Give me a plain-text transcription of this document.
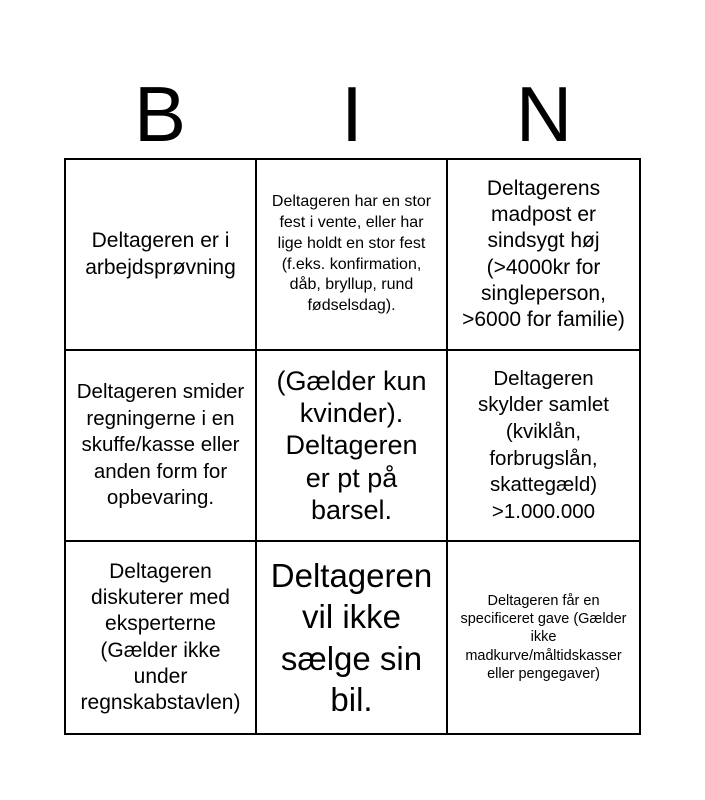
B	I	N
Deltageren er i arbejdsprøvning
Deltageren har en stor fest i vente, eller har lige holdt en stor fest (f.eks. konfirmation, dåb, bryllup, rund fødselsdag).
Deltagerens madpost er sindsygt høj (>4000kr for singleperson, >6000 for familie)
Deltageren smider regningerne i en skuffe/kasse eller anden form for opbevaring.
(Gælder kun kvinder). Deltageren er pt på barsel.
Deltageren skylder samlet (kviklån, forbrugslån, skattegæld) >1.000.000
Deltageren diskuterer med eksperterne (Gælder ikke under regnskabstavlen)
Deltageren vil ikke sælge sin bil.
Deltageren får en specificeret gave (Gælder ikke madkurve/måltidskasser eller pengegaver)
